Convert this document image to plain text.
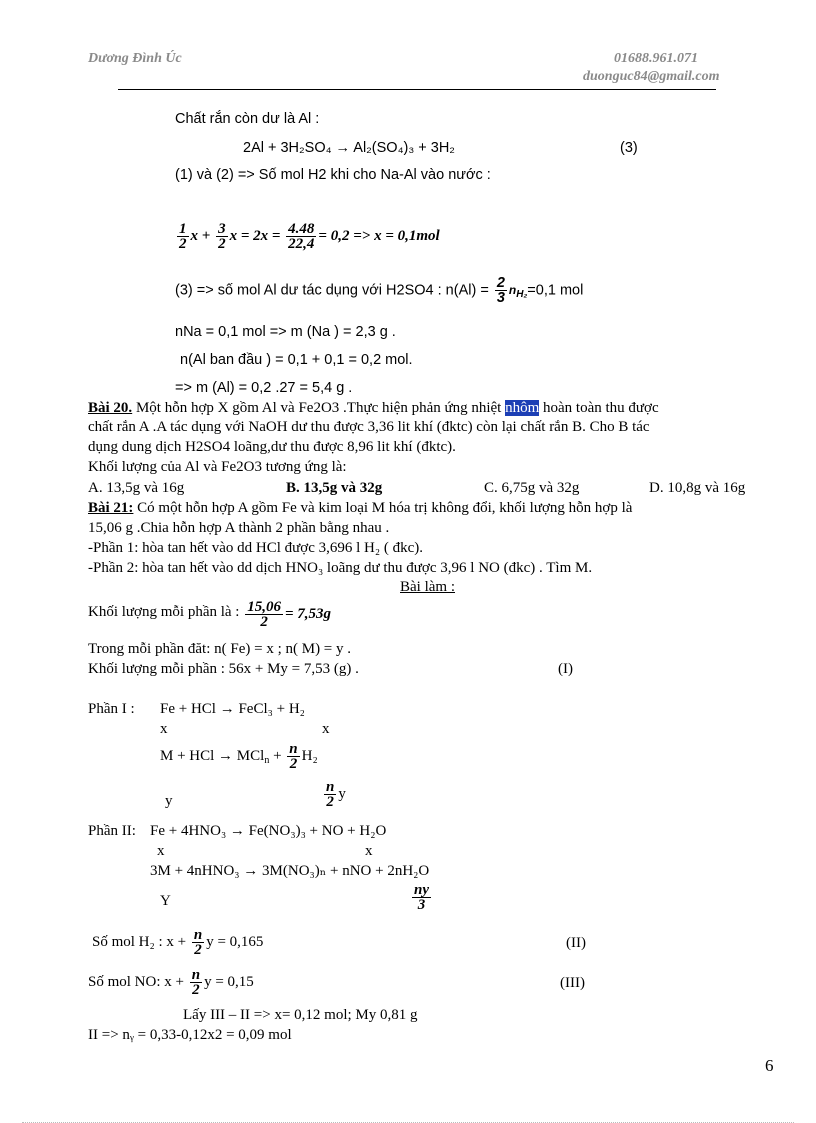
Dương Đình Úc	01688.961.071
duonguc84@gmail.com
Chất rắn còn dư là Al :
2Al + 3H₂SO₄ → Al₂(SO₄)₃ + 3H₂	(3)
(1) và (2) => Số mol H2 khi cho Na-Al vào nước :
$\frac{1}{2}$ $x + \frac{3}{2}$ $x = 2x = \frac{4.48}{22,4} = 0,2 => x = 0,1mol$
(3) => số mol Al dư tác dụng với H2SO4 : $n(Al) = \frac{2}{3} n_{H_2}=0,1$ mol
nNa = 0,1 mol => m (Na ) = 2,3 g .
n(Al ban đầu ) = 0,1 + 0,1 = 0,2 mol.
=> m (Al) = 0,2 .27 = 5,4 g .
Bài 20. Một hỗn hợp X gồm Al và Fe2O3 .Thực hiện phản ứng nhiệt nhôm hoàn toàn thu được
chất rắn A .A tác dụng với NaOH dư thu được 3,36 lit khí (đktc) còn lại chất rắn B. Cho B tác
dụng dung dịch H2SO4 loãng,dư thu được 8,96 lit khí (đktc).
Khối lượng của Al và Fe2O3 tương ứng là:
A. 13,5g và 16g	B. 13,5g và 32g	C. 6,75g và 32g	D. 10,8g và 16g
Bài 21: Có một hỗn hợp A gồm Fe và kim loại M hóa trị không đổi, khối lượng hỗn hợp là
15,06 g .Chia hỗn hợp A thành 2 phần bằng nhau .
-Phần 1: hòa tan hết vào dd HCl được 3,696 l H₂ ( đkc).
-Phần 2: hòa tan hết vào dd dịch HNO₃ loãng dư thu được 3,96 l NO (đkc) . Tìm M.
Bài làm :
Khối lượng mỗi phần là : $\frac{15,06}{2} = 7,53g$
Trong mỗi phần đăt: n( Fe) = x ; n( M) = y .
Khối lượng mỗi phần : 56x + My = 7,53 (g) .	(I)
Phần I : Fe + HCl → FeCl₃ + H₂
x	x
M + HCl → $MCl_n + \frac{n}{2} H_2$
y	$\frac{n}{2}$ y
Phần II: Fe + 4HNO₃ → Fe(NO₃)₃ + NO + H₂O
x	x
3M + 4nHNO₃ → 3M(NO₃)ₙ + nNO + 2nH₂O
Y	$\frac{ny}{3}$
Số mol H₂ : $x + \frac{n}{2}$ y = 0,165	(II)
Số mol NO: $x + \frac{n}{2}$ y = 0,15	(III)
Lấy III – II => x= 0,12 mol; My 0,81 g
II => nᵧ = 0,33-0,12x2 = 0,09 mol
6
